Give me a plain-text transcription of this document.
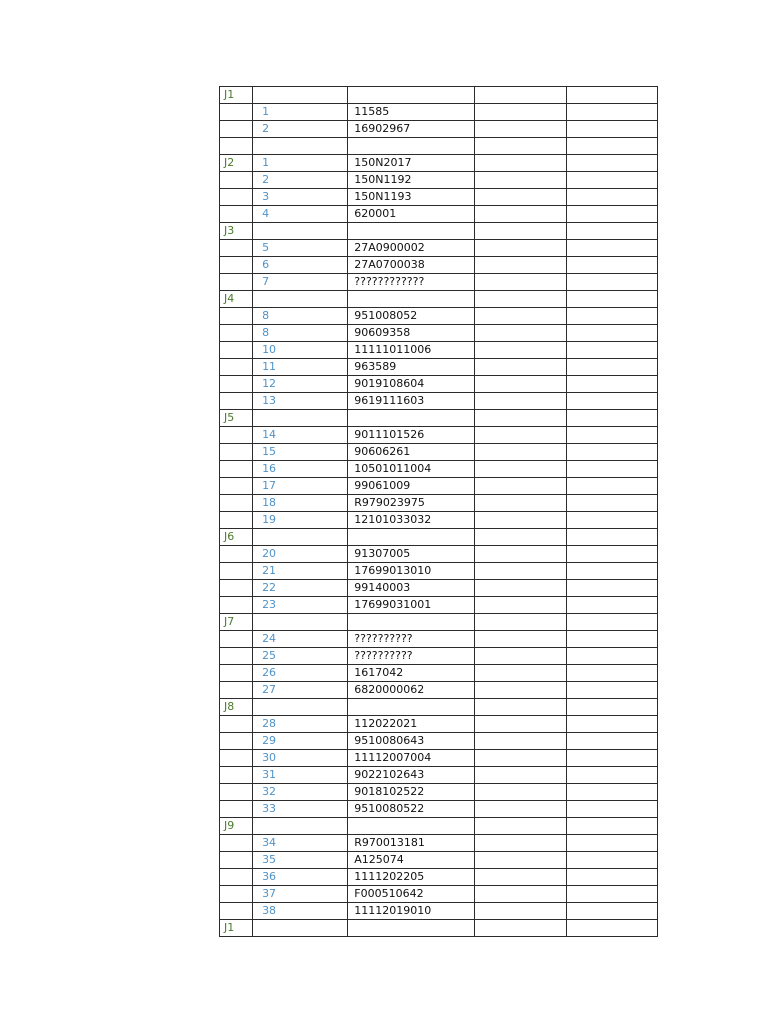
J1				
	1	11585		
	2	16902967		

J2	1	150N2017		
	2	150N1192		
	3	150N1193		
	4	620001		
J3				
	5	27A0900002		
	6	27A0700038		
	7	????????????		
J4				
	8	951008052		
	8	90609358		
	10	11111011006		
	11	963589		
	12	9019108604		
	13	9619111603		
J5				
	14	9011101526		
	15	90606261		
	16	10501011004		
	17	99061009		
	18	R979023975		
	19	12101033032		
J6				
	20	91307005		
	21	17699013010		
	22	99140003		
	23	17699031001		
J7				
	24	??????????		
	25	??????????		
	26	1617042		
	27	6820000062		
J8				
	28	112022021		
	29	9510080643		
	30	11112007004		
	31	9022102643		
	32	9018102522		
	33	9510080522		
J9				
	34	R970013181		
	35	A125074		
	36	1111202205		
	37	F000510642		
	38	11112019010		
J1				
